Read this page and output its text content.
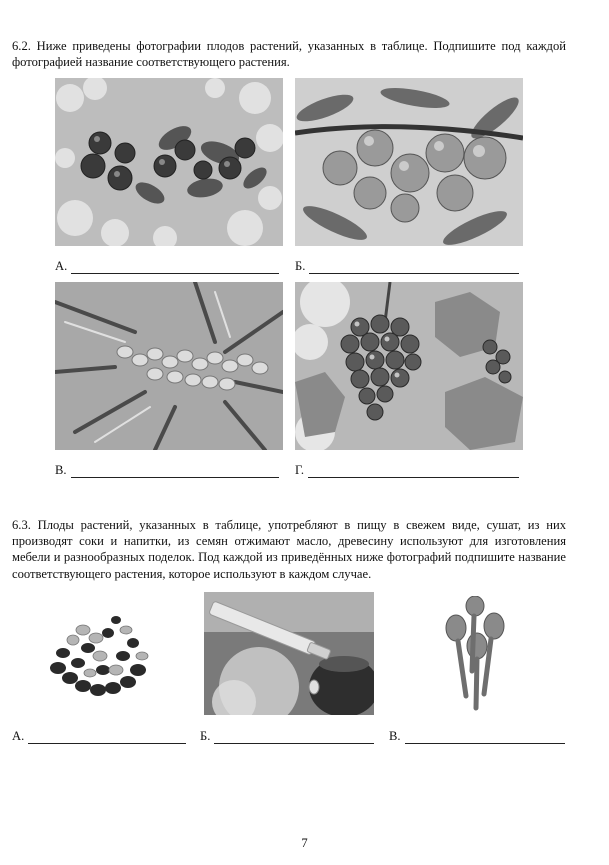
6.2. Ниже приведены фотографии плодов растений, указанных в таблице. Подпишите под каждой фотографией название соответствующего растения.
А.	Б.
В.	Г.
6.3. Плоды растений, указанных в таблице, употребляют в пищу в свежем виде, сушат, из них производят соки и напитки, из семян отжимают масло, древесину используют для изготовления мебели и разнообразных поделок. Под каждой из приведённых ниже фотографий подпишите название соответствующего растения, которое используют в каждом случае.
А.	Б.	В.
7
